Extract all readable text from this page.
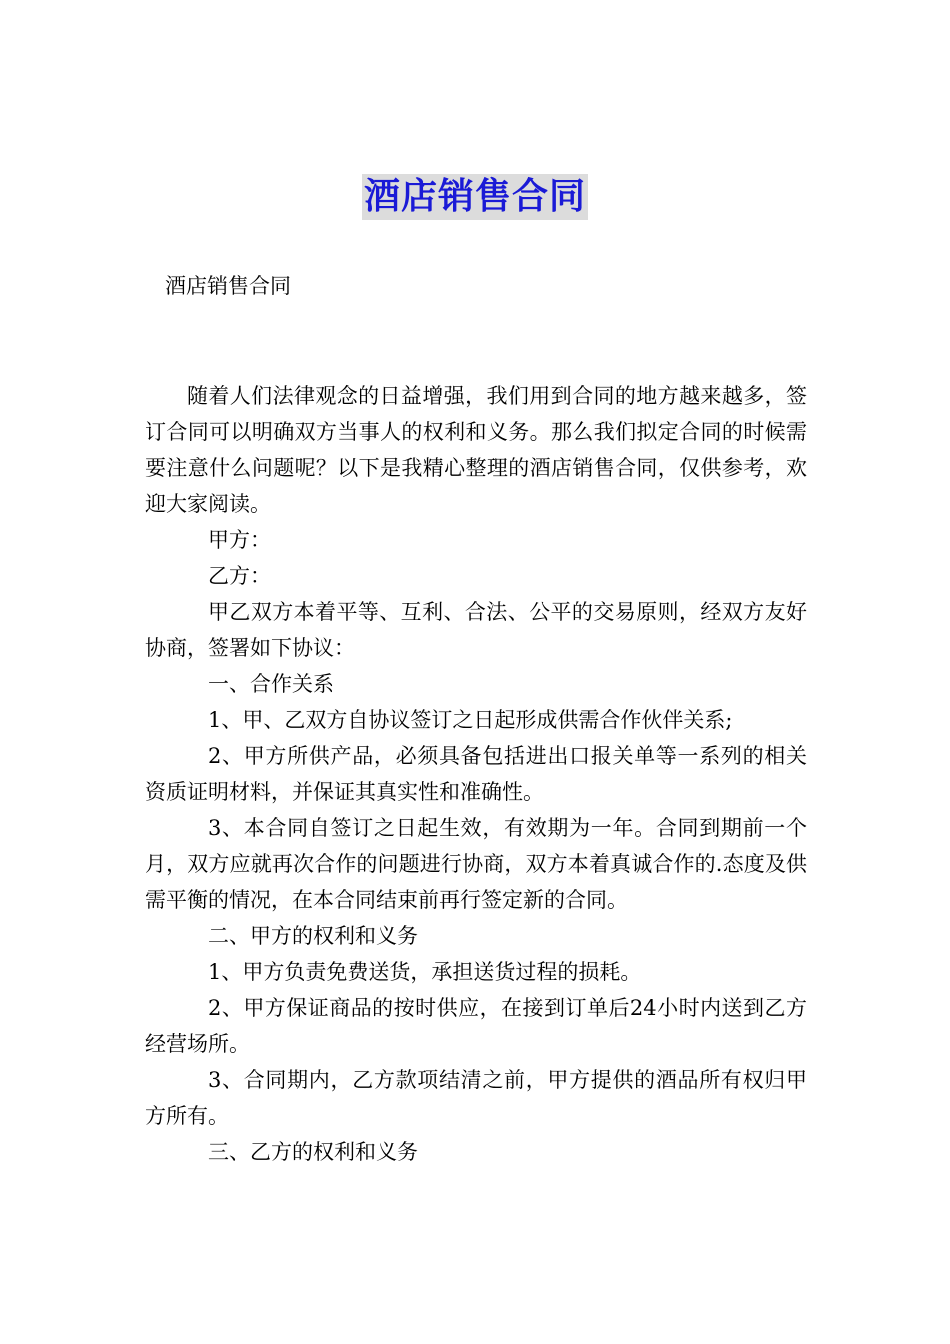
酒店销售合同
酒店销售合同

随着人们法律观念的日益增强，我们用到合同的地方越来越多，签订合同可以明确双方当事人的权利和义务。那么我们拟定合同的时候需要注意什么问题呢？以下是我精心整理的酒店销售合同，仅供参考，欢迎大家阅读。

甲方：

乙方：

甲乙双方本着平等、互利、合法、公平的交易原则，经双方友好协商，签署如下协议：

一、合作关系

1、甲、乙双方自协议签订之日起形成供需合作伙伴关系;

2、甲方所供产品，必须具备包括进出口报关单等一系列的相关资质证明材料，并保证其真实性和准确性。

3、本合同自签订之日起生效，有效期为一年。合同到期前一个月，双方应就再次合作的问题进行协商，双方本着真诚合作的.态度及供需平衡的情况，在本合同结束前再行签定新的合同。

二、甲方的权利和义务

1、甲方负责免费送货，承担送货过程的损耗。

2、甲方保证商品的按时供应，在接到订单后24小时内送到乙方经营场所。

3、合同期内，乙方款项结清之前，甲方提供的酒品所有权归甲方所有。

三、乙方的权利和义务
